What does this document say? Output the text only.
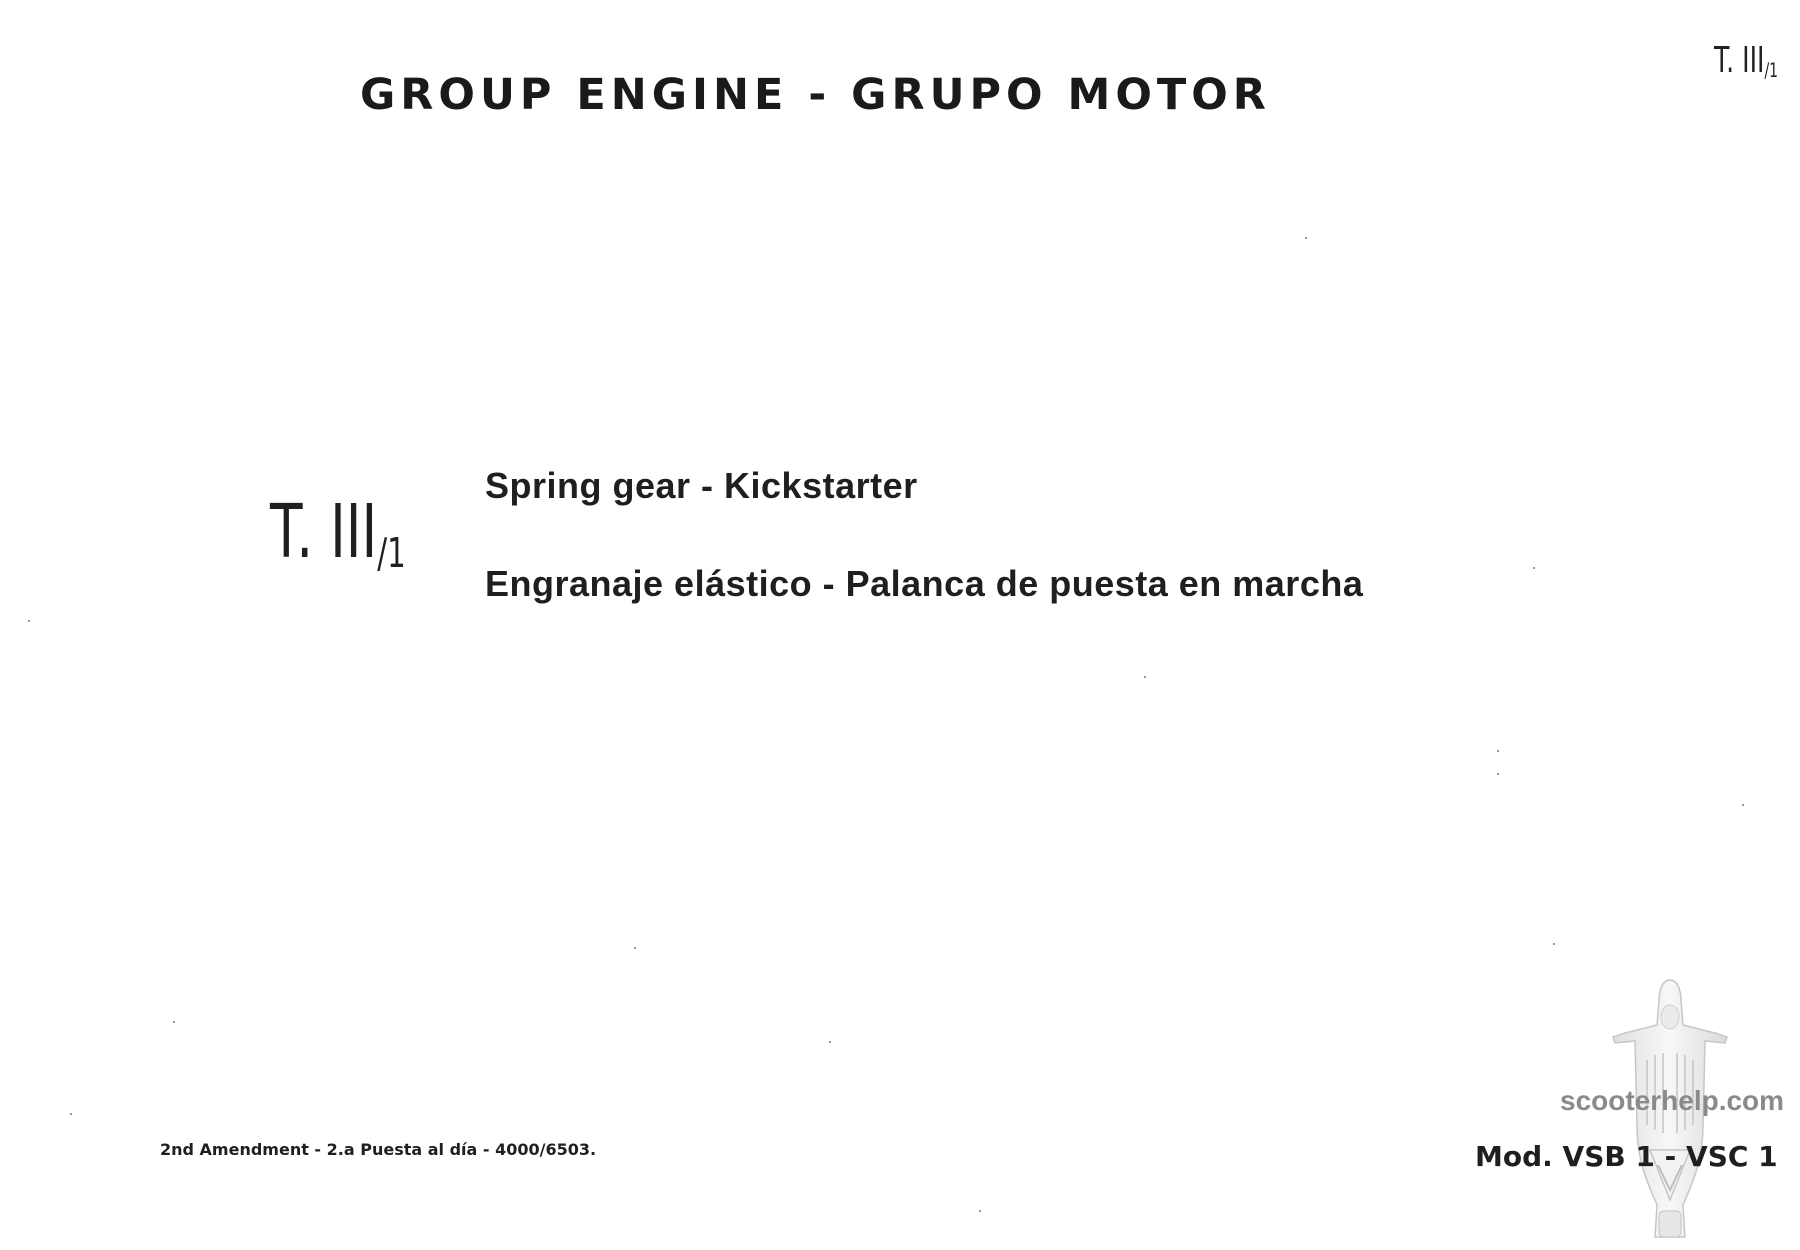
GROUP ENGINE - GRUPO MOTOR
T. $III_{/1}$
T. $III_{/1}$
Spring gear - Kickstarter
Engranaje elástico - Palanca de puesta en marcha
2nd Amendment - 2.a Puesta al día - 4000/6503.
scooterhelp.com
Mod. VSB 1 - VSC 1
